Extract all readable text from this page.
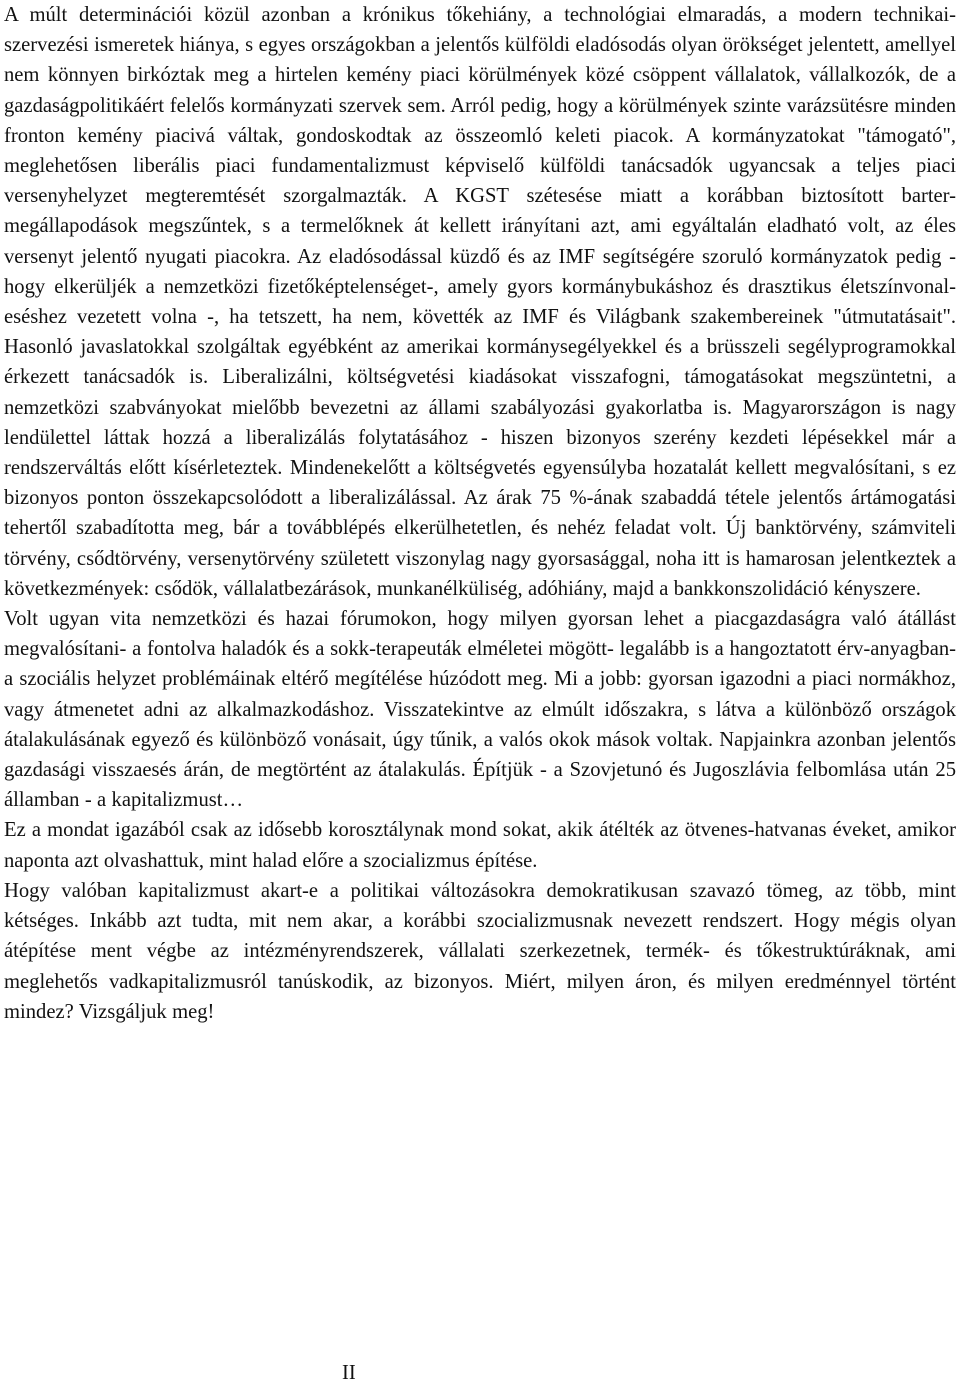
A múlt determinációi közül azonban a krónikus tőkehiány, a technológiai elmaradás, a modern technikai-szervezési ismeretek hiánya, s egyes országokban a jelentős külföldi eladósodás olyan örökséget jelentett, amellyel nem könnyen birkóztak meg a hirtelen kemény piaci körülmények közé csöppent vállalatok, vállalkozók, de a gazdaságpolitikáért felelős kormányzati szervek sem. Arról pedig, hogy a körülmények szinte varázsütésre minden fronton kemény piacivá váltak, gondoskodtak az összeomló keleti piacok. A kormányzatokat "támogató", meglehetősen liberális piaci fundamentalizmust képviselő külföldi tanácsadók ugyancsak a teljes piaci versenyhelyzet megteremtését szorgalmazták. A KGST szétesése miatt a korábban biztosított barter-megállapodások megszűntek, s a termelőknek át kellett irányítani azt, ami egyáltalán eladható volt, az éles versenyt jelentő nyugati piacokra. Az eladósodással küzdő és az IMF segítségére szoruló kormányzatok pedig - hogy elkerüljék a nemzetközi fizetőképtelenséget-, amely gyors kormánybukáshoz és drasztikus életszínvonal-eséshez vezetett volna -, ha tetszett, ha nem, követték az IMF és Világbank szakembereinek "útmutatásait". Hasonló javaslatokkal szolgáltak egyébként az amerikai kormánysegélyekkel és a brüsszeli segélyprogramokkal érkezett tanácsadók is. Liberalizálni, költségvetési kiadásokat visszafogni, támogatásokat megszüntetni, a nemzetközi szabványokat mielőbb bevezetni az állami szabályozási gyakorlatba is. Magyarországon is nagy lendülettel láttak hozzá a liberalizálás folytatásához - hiszen bizonyos szerény kezdeti lépésekkel már a rendszerváltás előtt kísérleteztek. Mindenekelőtt a költségvetés egyensúlyba hozatalát kellett megvalósítani, s ez bizonyos ponton összekapcsolódott a liberalizálással. Az árak 75 %-ának szabaddá tétele jelentős ártámogatási tehertől szabadította meg, bár a továbblépés elkerülhetetlen, és nehéz feladat volt. Új banktörvény, számviteli törvény, csődtörvény, versenytörvény született viszonylag nagy gyorsasággal, noha itt is hamarosan jelentkeztek a következmények: csődök, vállalatbezárások, munkanélküliség, adóhiány, majd a bankkonszolidáció kényszere.

Volt ugyan vita nemzetközi és hazai fórumokon, hogy milyen gyorsan lehet a piacgazdaságra való átállást megvalósítani- a fontolva haladók és a sokk-terapeuták elméletei mögött- legalább is a hangoztatott érv-anyagban- a szociális helyzet problémáinak eltérő megítélése húzódott meg. Mi a jobb: gyorsan igazodni a piaci normákhoz, vagy átmenetet adni az alkalmazkodáshoz. Visszatekintve az elmúlt időszakra, s látva a különböző országok átalakulásának egyező és különböző vonásait, úgy tűnik, a valós okok mások voltak. Napjainkra azonban jelentős gazdasági visszaesés árán, de megtörtént az átalakulás. Építjük - a Szovjetunó és Jugoszlávia felbomlása után 25 államban - a kapitalizmust…

Ez a mondat igazából csak az idősebb korosztálynak mond sokat, akik átélték az ötvenes-hatvanas éveket, amikor naponta azt olvashattuk, mint halad előre a szocializmus építése.

Hogy valóban kapitalizmust akart-e a politikai változásokra demokratikusan szavazó tömeg, az több, mint kétséges. Inkább azt tudta, mit nem akar, a korábbi szocializmusnak nevezett rendszert. Hogy mégis olyan átépítése ment végbe az intézményrendszerek, vállalati szerkezetnek, termék- és tőkestruktúráknak, ami meglehetős vadkapitalizmusról tanúskodik, az bizonyos. Miért, milyen áron, és milyen eredménnyel történt mindez? Vizsgáljuk meg!

II
